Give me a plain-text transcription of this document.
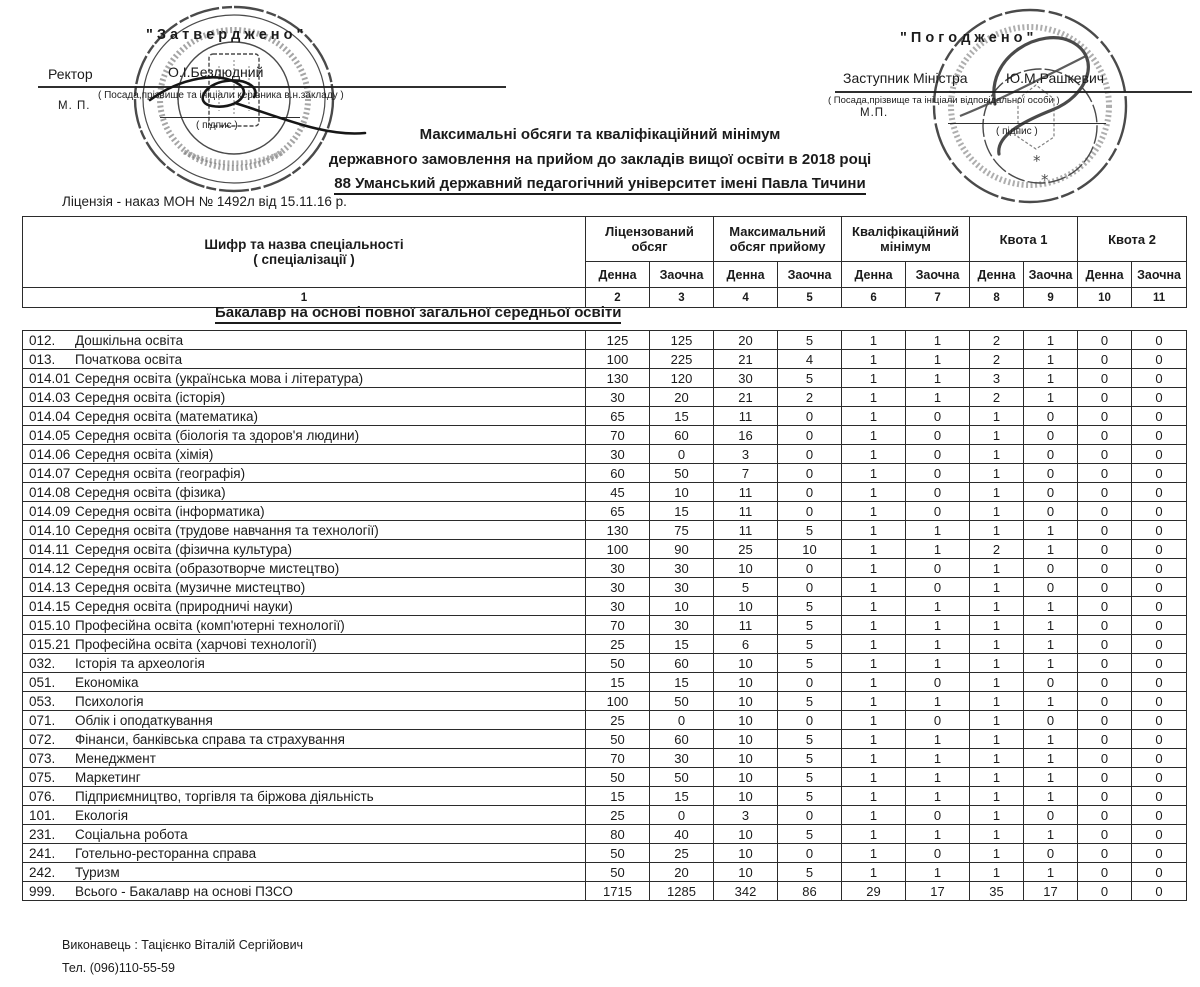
" З а т в е р д ж е н о "
Ректор	О.І.Безлюдний
( Посада,прізвище та ініціали керівника в.н.закладу )
М. П.
( підпис )
" П о г о д ж е н о "
Заступник Міністра	Ю.М.Рашкевич
( Посада,прізвище та ініціали відповідальної особи )
М.П.
( підпис )
*
*
Максимальні обсяги та кваліфікаційний мінімум
державного замовлення на прийом до закладів вищої освіти в 2018 році
88 Уманський державний педагогічний університет імені Павла Тичини
Ліцензія - наказ МОН № 1492л від 15.11.16 р.
Шифр та назва спеціальності
( спеціалізації )	Ліцензований обсяг		Максимальний обсяг прийому		Кваліфікаційний мінімум		Квота 1		Квота 2	
	Денна	Заочна	Денна	Заочна	Денна	Заочна	Денна	Заочна	Денна	Заочна
1	2	3	4	5	6	7	8	9	10	11
Бакалавр на основі повної загальної середньої освіти
012. Дошкільна освіта	125	125	20	5	1	1	2	1	0	0
013. Початкова освіта	100	225	21	4	1	1	2	1	0	0
014.01 Середня освіта (українська мова і література)	130	120	30	5	1	1	3	1	0	0
014.03 Середня освіта (історія)	30	20	21	2	1	1	2	1	0	0
014.04 Середня освіта (математика)	65	15	11	0	1	0	1	0	0	0
014.05 Середня освіта (біологія та здоров'я людини)	70	60	16	0	1	0	1	0	0	0
014.06 Середня освіта (хімія)	30	0	3	0	1	0	1	0	0	0
014.07 Середня освіта (географія)	60	50	7	0	1	0	1	0	0	0
014.08 Середня освіта (фізика)	45	10	11	0	1	0	1	0	0	0
014.09 Середня освіта (інформатика)	65	15	11	0	1	0	1	0	0	0
014.10 Середня освіта (трудове навчання та технології)	130	75	11	5	1	1	1	1	0	0
014.11 Середня освіта (фізична культура)	100	90	25	10	1	1	2	1	0	0
014.12 Середня освіта (образотворче мистецтво)	30	30	10	0	1	0	1	0	0	0
014.13 Середня освіта (музичне мистецтво)	30	30	5	0	1	0	1	0	0	0
014.15 Середня освіта (природничі науки)	30	10	10	5	1	1	1	1	0	0
015.10 Професійна освіта (комп'ютерні технології)	70	30	11	5	1	1	1	1	0	0
015.21 Професійна освіта (харчові технології)	25	15	6	5	1	1	1	1	0	0
032. Історія та археологія	50	60	10	5	1	1	1	1	0	0
051. Економіка	15	15	10	0	1	0	1	0	0	0
053. Психологія	100	50	10	5	1	1	1	1	0	0
071. Облік і оподаткування	25	0	10	0	1	0	1	0	0	0
072. Фінанси, банківська справа та страхування	50	60	10	5	1	1	1	1	0	0
073. Менеджмент	70	30	10	5	1	1	1	1	0	0
075. Маркетинг	50	50	10	5	1	1	1	1	0	0
076. Підприємництво, торгівля та біржова діяльність	15	15	10	5	1	1	1	1	0	0
101. Екологія	25	0	3	0	1	0	1	0	0	0
231. Соціальна робота	80	40	10	5	1	1	1	1	0	0
241. Готельно-ресторанна справа	50	25	10	0	1	0	1	0	0	0
242. Туризм	50	20	10	5	1	1	1	1	0	0
999. Всього - Бакалавр на основі ПЗСО	1715	1285	342	86	29	17	35	17	0	0
Виконавець : Тацієнко Віталій Сергійович
Тел. (096)110-55-59
